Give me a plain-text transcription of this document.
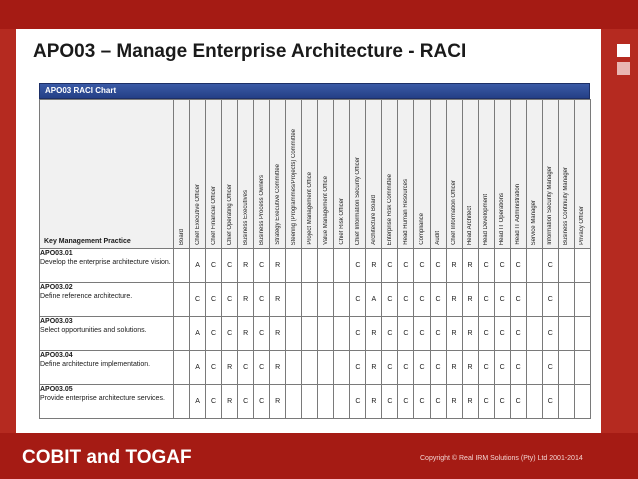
APO03 – Manage Enterprise Architecture - RACI
APO03 RACI Chart
Key Management Practice	Board	Chief Executive Officer	Chief Financial Officer	Chief Operating Officer	Business Executives	Business Process Owners	Strategy Executive Committee	Steering (Programmes/Projects) Committee	Project Management Office	Value Management Office	Chief Risk Officer	Chief Information Security Officer	Architecture Board	Enterprise Risk Committee	Head Human Resources	Compliance	Audit	Chief Information Officer	Head Architect	Head Development	Head IT Operations	Head IT Administration	Service Manager	Information Security Manager	Business Continuity Manager	Privacy Officer

APO03.01
Develop the enterprise architecture vision.		A	C	C	R	C	R					C	R	C	C	C	C	R	R	C	C	C		C		

APO03.02
Define reference architecture.		C	C	C	R	C	R					C	A	C	C	C	C	R	R	C	C	C		C		

APO03.03
Select opportunities and solutions.		A	C	C	R	C	R					C	R	C	C	C	C	R	R	C	C	C		C		

APO03.04
Define architecture implementation.		A	C	R	C	C	R					C	R	C	C	C	C	R	R	C	C	C		C		

APO03.05
Provide enterprise architecture services.		A	C	R	C	C	R					C	R	C	C	C	C	R	R	C	C	C		C		
COBIT and TOGAF	Copyright © Real IRM Solutions (Pty) Ltd 2001-2014
